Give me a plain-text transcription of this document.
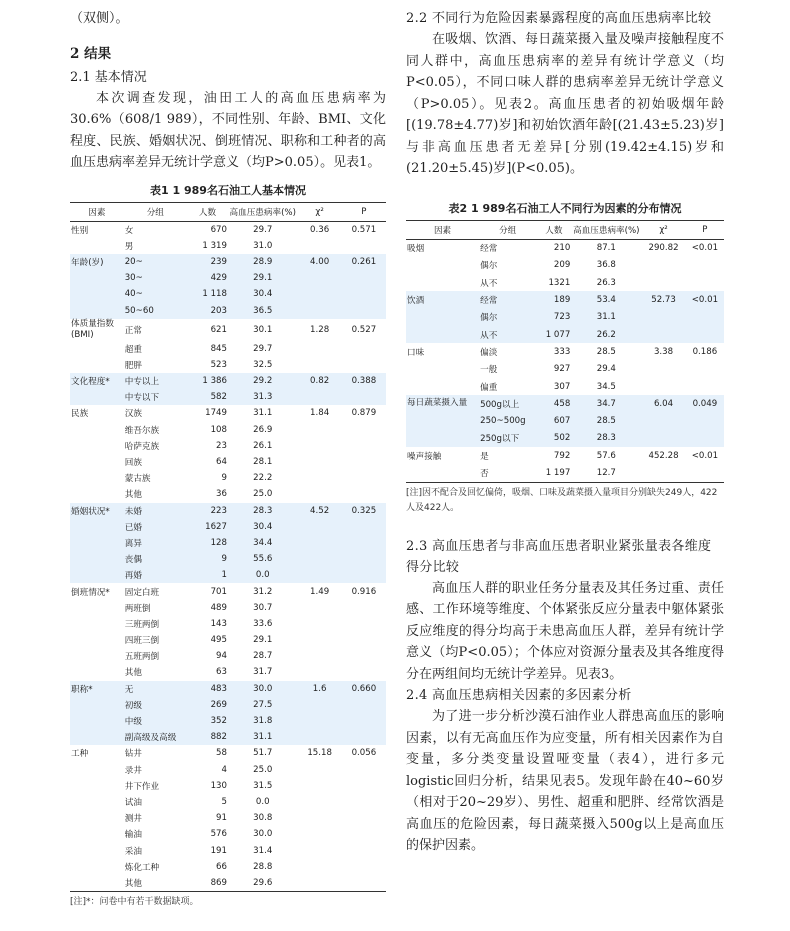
（双侧）。

2 结果

2.1 基本情况

本次调查发现，油田工人的高血压患病率为30.6%（608/1 989），不同性别、年龄、BMI、文化程度、民族、婚姻状况、倒班情况、职称和工种者的高血压患病率差异无统计学意义（均P>0.05）。见表1。

表1 1 989名石油工人基本情况
因素	分组	人数	高血压患病率(%)	χ²	P
性别	女	670	29.7	0.36	0.571
	男	1 319	31.0		
年龄(岁)	20~	239	28.9	4.00	0.261
	30~	429	29.1		
	40~	1 118	30.4		
	50~60	203	36.5		
体质量指数(BMI)	正常	621	30.1	1.28	0.527
	超重	845	29.7		
	肥胖	523	32.5		
文化程度*	中专以上	1 386	29.2	0.82	0.388
	中专以下	582	31.3		
民族	汉族	1749	31.1	1.84	0.879
	维吾尔族	108	26.9		
	哈萨克族	23	26.1		
	回族	64	28.1		
	蒙古族	9	22.2		
	其他	36	25.0		
婚姻状况*	未婚	223	28.3	4.52	0.325
	已婚	1627	30.4		
	离异	128	34.4		
	丧偶	9	55.6		
	再婚	1	0.0		
倒班情况*	固定白班	701	31.2	1.49	0.916
	两班倒	489	30.7		
	三班两倒	143	33.6		
	四班三倒	495	29.1		
	五班两倒	94	28.7		
	其他	63	31.7		
职称*	无	483	30.0	1.6	0.660
	初级	269	27.5		
	中级	352	31.8		
	副高级及高级	882	31.1		
工种	钻井	58	51.7	15.18	0.056
	录井	4	25.0		
	井下作业	130	31.5		
	试油	5	0.0		
	测井	91	30.8		
	输油	576	30.0		
	采油	191	31.4		
	炼化工种	66	28.8		
	其他	869	29.6		

[注]*：问卷中有若干数据缺项。

2.2 不同行为危险因素暴露程度的高血压患病率比较

在吸烟、饮酒、每日蔬菜摄入量及噪声接触程度不同人群中，高血压患病率的差异有统计学意义（均P<0.05），不同口味人群的患病率差异无统计学意义（P>0.05）。见表2。高血压患者的初始吸烟年龄[(19.78±4.77)岁]和初始饮酒年龄[(21.43±5.23)岁]与非高血压患者无差异[分别(19.42±4.15)岁和(21.20±5.45)岁](P<0.05)。

表2 1 989名石油工人不同行为因素的分布情况
因素	分组	人数	高血压患病率(%)	χ²	P
吸烟	经常	210	87.1	290.82	<0.01
	偶尔	209	36.8		
	从不	1321	26.3		
饮酒	经常	189	53.4	52.73	<0.01
	偶尔	723	31.1		
	从不	1 077	26.2		
口味	偏淡	333	28.5	3.38	0.186
	一般	927	29.4		
	偏重	307	34.5		
每日蔬菜摄入量	500g以上	458	34.7	6.04	0.049
	250~500g	607	28.5		
	250g以下	502	28.3		
噪声接触	是	792	57.6	452.28	<0.01
	否	1 197	12.7		

[注]因不配合及回忆偏倚，吸烟、口味及蔬菜摄入量项目分别缺失249人，422人及422人。

2.3 高血压患者与非高血压患者职业紧张量表各维度得分比较

高血压人群的职业任务分量表及其任务过重、责任感、工作环境等维度、个体紧张反应分量表中躯体紧张反应维度的得分均高于未患高血压人群，差异有统计学意义（均P<0.05）；个体应对资源分量表及其各维度得分在两组间均无统计学差异。见表3。

2.4 高血压患病相关因素的多因素分析

为了进一步分析沙漠石油作业人群患高血压的影响因素，以有无高血压作为应变量，所有相关因素作为自变量，多分类变量设置哑变量（表4），进行多元logistic回归分析，结果见表5。发现年龄在40~60岁（相对于20~29岁）、男性、超重和肥胖、经常饮酒是高血压的危险因素，每日蔬菜摄入500g以上是高血压的保护因素。
